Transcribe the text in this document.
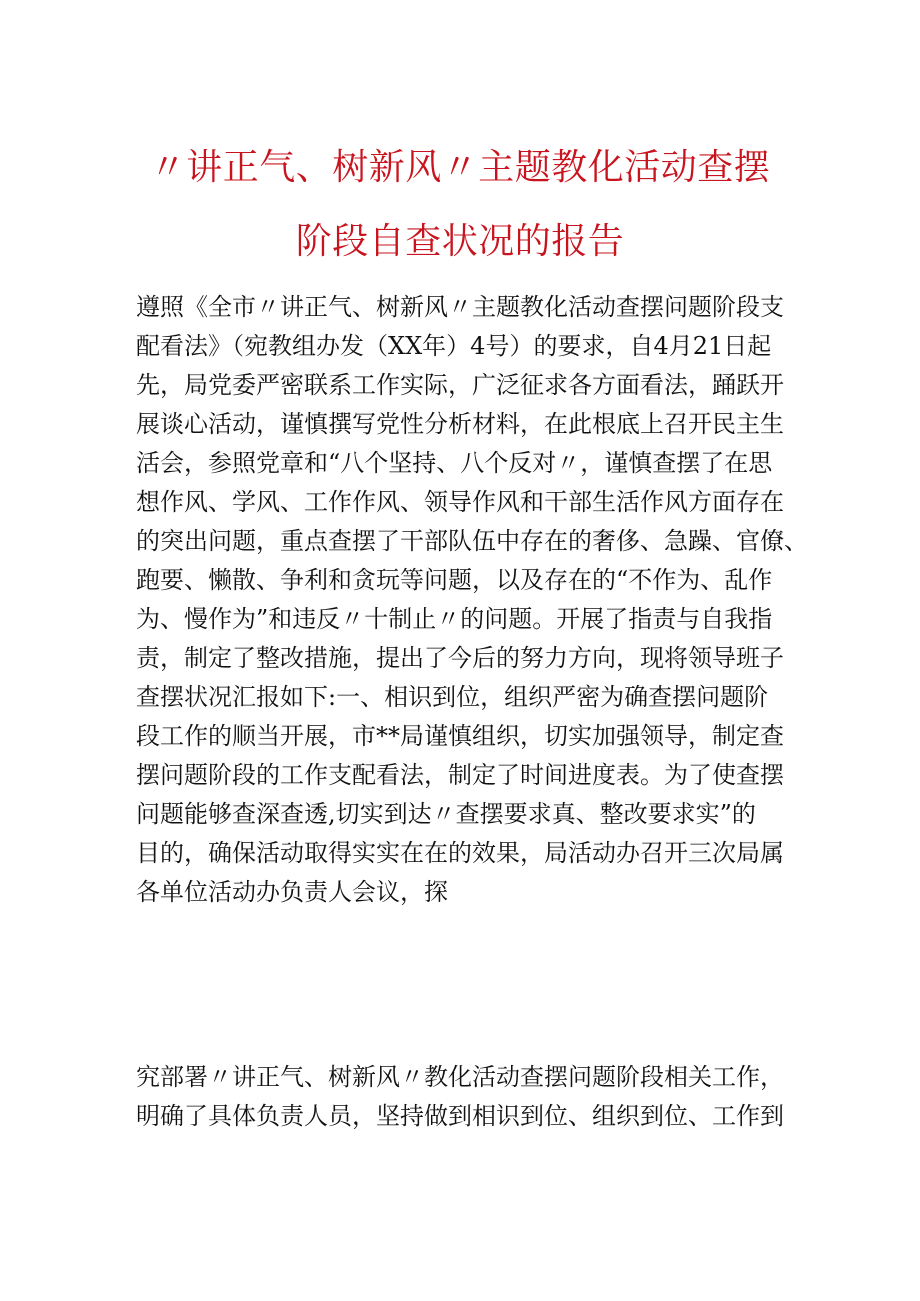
〃讲正气、树新风〃主题教化活动查摆
阶段自查状况的报告
遵照《全市〃讲正气、树新风〃主题教化活动查摆问题阶段支
配看法》（宛教组办发（XX年）4号）的要求，自4月21日起
先，局党委严密联系工作实际，广泛征求各方面看法，踊跃开
展谈心活动，谨慎撰写党性分析材料，在此根底上召开民主生
活会，参照党章和“八个坚持、八个反对〃，谨慎查摆了在思
想作风、学风、工作作风、领导作风和干部生活作风方面存在
的突出问题，重点查摆了干部队伍中存在的奢侈、急躁、官僚、
跑要、懒散、争利和贪玩等问题，以及存在的“不作为、乱作
为、慢作为”和违反〃十制止〃的问题。开展了指责与自我指
责，制定了整改措施，提出了今后的努力方向，现将领导班子
查摆状况汇报如下:一、相识到位，组织严密为确查摆问题阶
段工作的顺当开展，市**局谨慎组织，切实加强领导，制定查
摆问题阶段的工作支配看法，制定了时间进度表。为了使查摆
问题能够查深查透,切实到达〃查摆要求真、整改要求实”的
目的，确保活动取得实实在在的效果，局活动办召开三次局属
各单位活动办负责人会议，探
究部署〃讲正气、树新风〃教化活动查摆问题阶段相关工作，
明确了具体负责人员，坚持做到相识到位、组织到位、工作到
